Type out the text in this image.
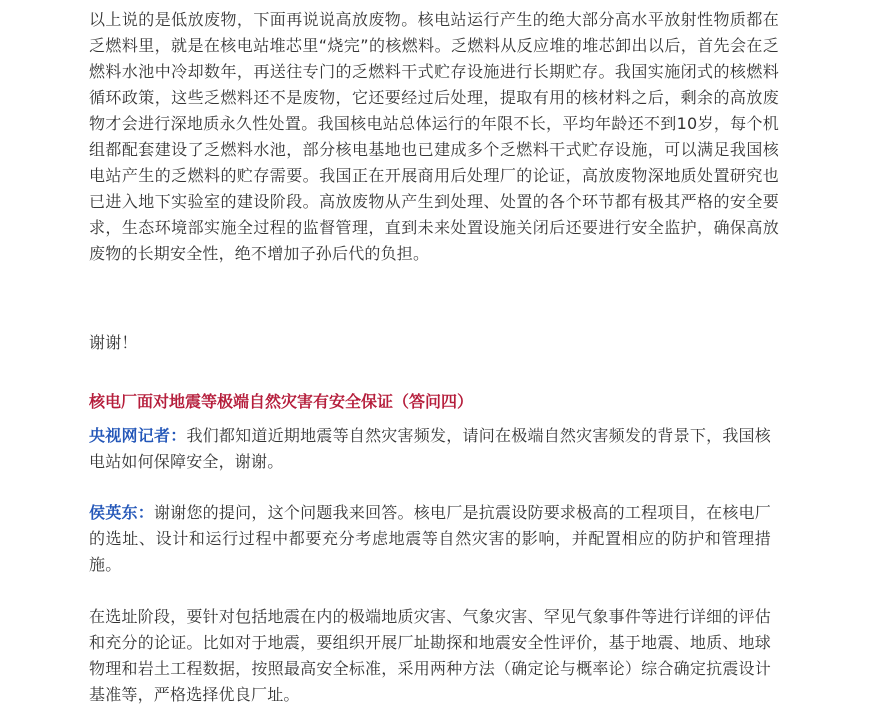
以上说的是低放废物，下面再说说高放废物。核电站运行产生的绝大部分高水平放射性物质都在乏燃料里，就是在核电站堆芯里“烧完”的核燃料。乏燃料从反应堆的堆芯卸出以后，首先会在乏燃料水池中冷却数年，再送往专门的乏燃料干式贮存设施进行长期贮存。我国实施闭式的核燃料循环政策，这些乏燃料还不是废物，它还要经过后处理，提取有用的核材料之后，剩余的高放废物才会进行深地质永久性处置。我国核电站总体运行的年限不长，平均年龄还不到10岁，每个机组都配套建设了乏燃料水池，部分核电基地也已建成多个乏燃料干式贮存设施，可以满足我国核电站产生的乏燃料的贮存需要。我国正在开展商用后处理厂的论证，高放废物深地质处置研究也已进入地下实验室的建设阶段。高放废物从产生到处理、处置的各个环节都有极其严格的安全要求，生态环境部实施全过程的监督管理，直到未来处置设施关闭后还要进行安全监护，确保高放废物的长期安全性，绝不增加子孙后代的负担。

谢谢！

核电厂面对地震等极端自然灾害有安全保证（答问四）

央视网记者：我们都知道近期地震等自然灾害频发，请问在极端自然灾害频发的背景下，我国核电站如何保障安全，谢谢。

侯英东：谢谢您的提问，这个问题我来回答。核电厂是抗震设防要求极高的工程项目，在核电厂的选址、设计和运行过程中都要充分考虑地震等自然灾害的影响，并配置相应的防护和管理措施。

在选址阶段，要针对包括地震在内的极端地质灾害、气象灾害、罕见气象事件等进行详细的评估和充分的论证。比如对于地震，要组织开展厂址勘探和地震安全性评价，基于地震、地质、地球物理和岩土工程数据，按照最高安全标准，采用两种方法（确定论与概率论）综合确定抗震设计基准等，严格选择优良厂址。
